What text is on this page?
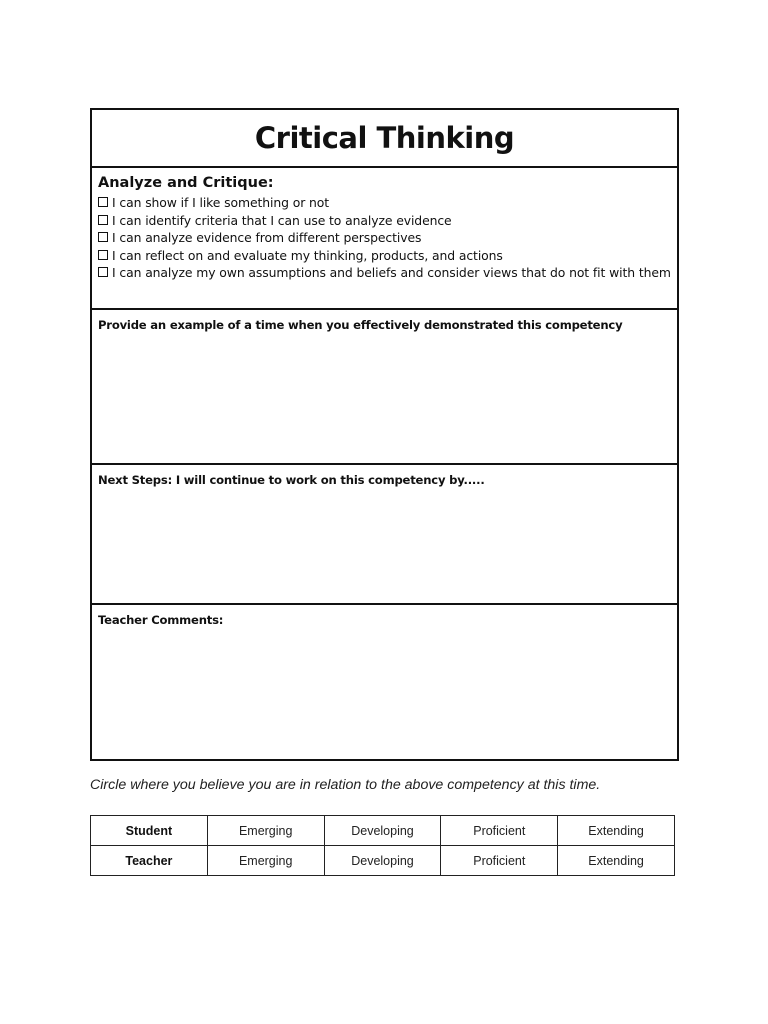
Critical Thinking

Analyze and Critique:

I can show if I like something or not
I can identify criteria that I can use to analyze evidence
I can analyze evidence from different perspectives
I can reflect on and evaluate my thinking, products, and actions
I can analyze my own assumptions and beliefs and consider views that do not fit with them

Provide an example of a time when you effectively demonstrated this competency

Next Steps: I will continue to work on this competency by.....

Teacher Comments:

Circle where you believe you are in relation to the above competency at this time.

Student	Emerging	Developing	Proficient	Extending
Teacher	Emerging	Developing	Proficient	Extending
